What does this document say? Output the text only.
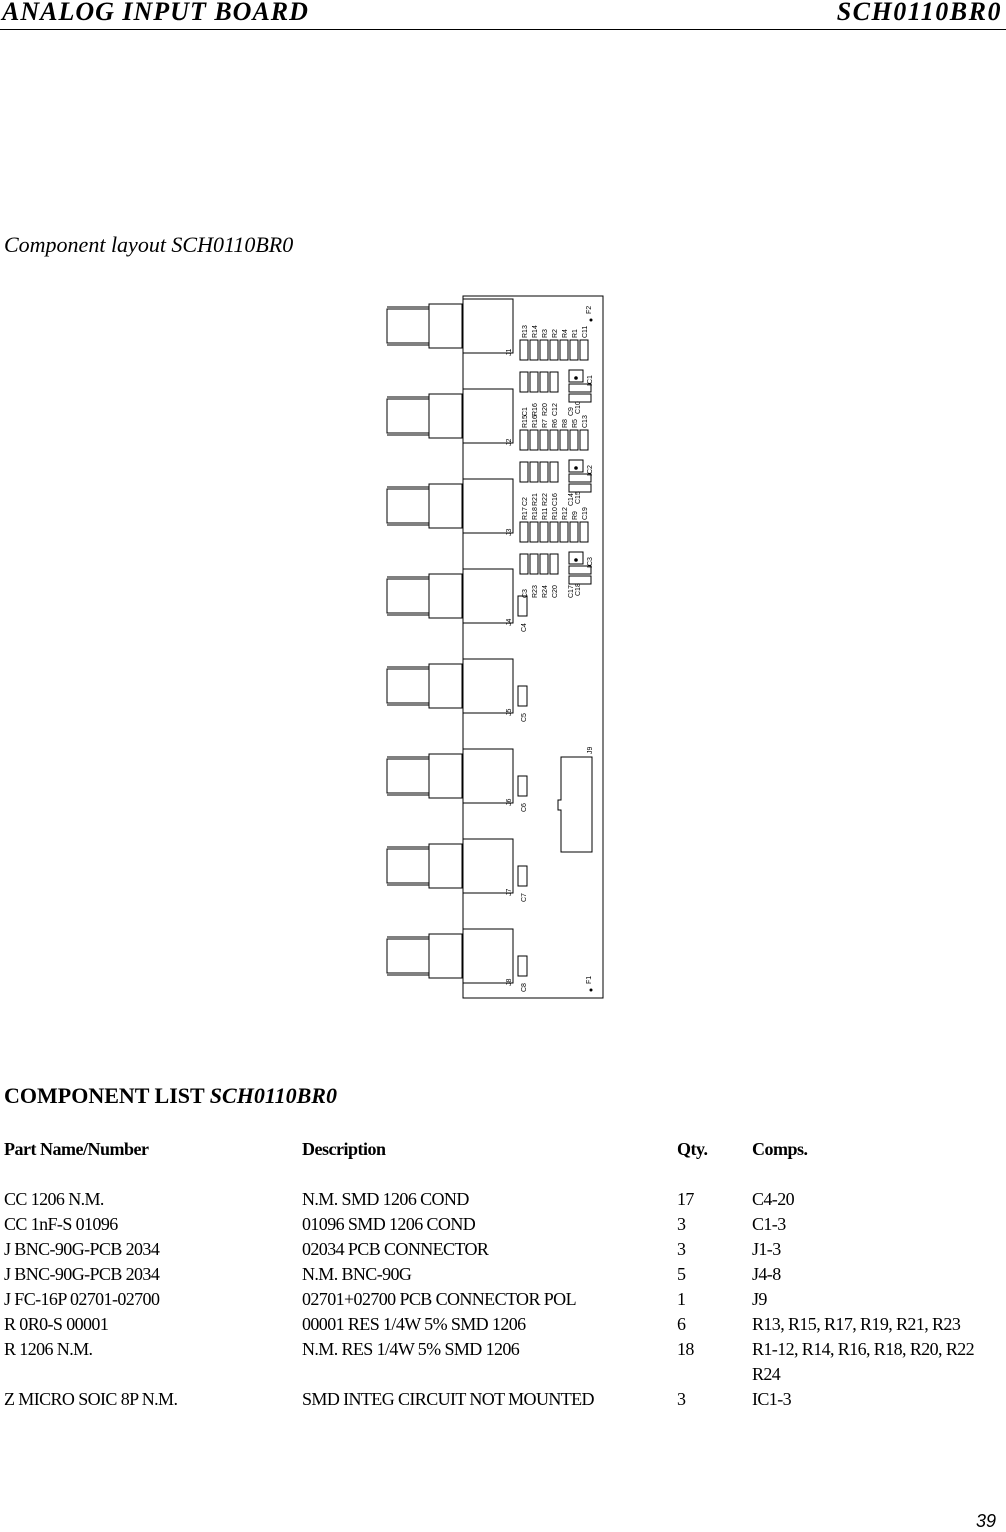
ANALOG INPUT BOARD	SCH0110BR0
Component layout SCH0110BR0
J1
J2
J3
J4
J5
J6
J7
J8
R13 R14 R3 R2 R4 R1 C11
C1 R16 R20 C12 C9 C10
IC1
R15 R16 R7 R6 R8 R5 C13
C2 R21 R22 C16 C14 C15
IC2
R17 R18 R11 R10 R12 R9 C19
C3 R23 R24 C20 C17 C18
IC3
C4
C5
C6
C7
C8
J9
F2
F1
COMPONENT LIST SCH0110BR0
Part Name/Number	Description	Qty. Comps.
CC 1206 N.M.	N.M. SMD 1206 COND	17	C4-20
CC 1nF-S 01096	01096 SMD 1206 COND	3	C1-3
J BNC-90G-PCB 2034	02034 PCB CONNECTOR	3	J1-3
J BNC-90G-PCB 2034	N.M. BNC-90G	5	J4-8
J FC-16P 02701-02700	02701+02700 PCB CONNECTOR POL	1	J9
R 0R0-S 00001	00001 RES 1/4W 5% SMD 1206	6	R13, R15, R17, R19, R21, R23
R 1206 N.M.	N.M. RES 1/4W 5% SMD 1206	18	R1-12, R14, R16, R18, R20, R22
R24
Z MICRO SOIC 8P N.M.	SMD INTEG CIRCUIT NOT MOUNTED	3	IC1-3
39
